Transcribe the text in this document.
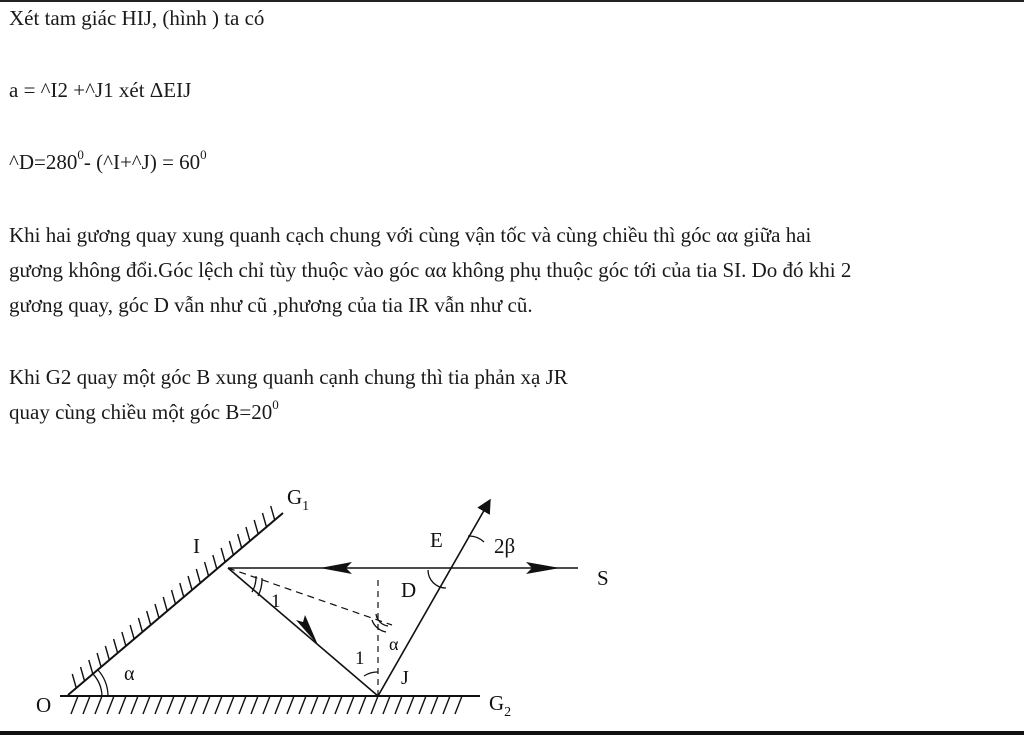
Xét tam giác HIJ, (hình ) ta có
a = ^I2 +^J1 xét ΔEIJ
$\^{}D=280^0-$ (^I+^J) = $60^0$
Khi hai gương quay xung quanh cạch chung với cùng vận tốc và cùng chiều thì góc αα giữa hai
gương không đổi.Góc lệch chỉ tùy thuộc vào góc αα không phụ thuộc góc tới của tia SI. Do đó khi 2
gương quay, góc D vẫn như cũ ,phương của tia IR vẫn như cũ.
Khi G2 quay một góc B xung quanh cạnh chung thì tia phản xạ JR
quay cùng chiều một góc $B=20^0$
O
α
I
1
1
J
α
D
E 2β
S
$G_1$
$G_2$
